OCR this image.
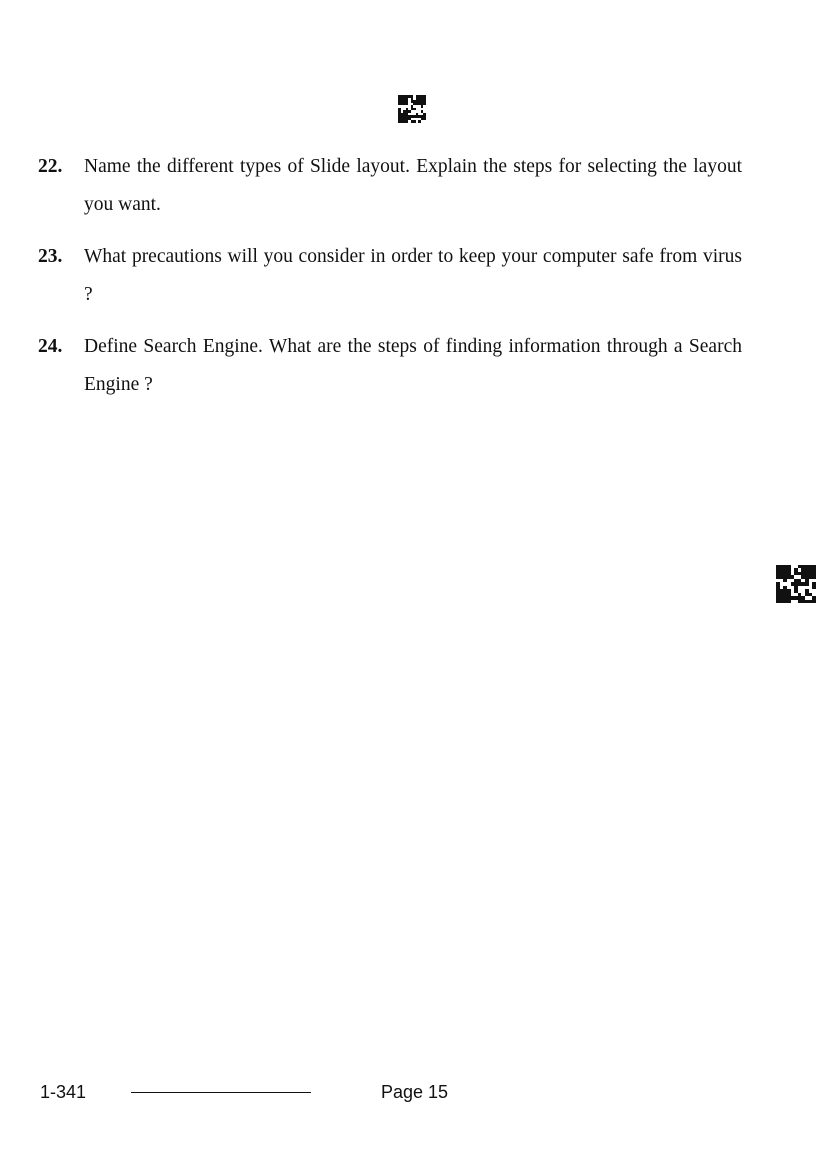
22. Name the different types of Slide layout. Explain the steps for selecting the layout you want.
23. What precautions will you consider in order to keep your computer safe from virus ?
24. Define Search Engine. What are the steps of finding information through a Search Engine ?
1-341	Page 15
